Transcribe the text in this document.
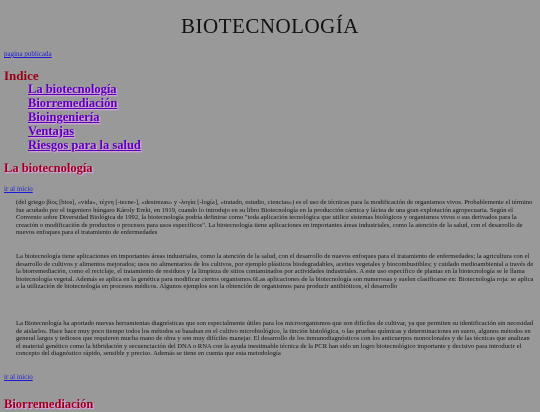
BIOTECNOLOGÍA
pagina publicada
Indice
La biotecnología
Biorremediación
Bioingeniería
Ventajas
Riesgos para la salud
La biotecnología
ir al inicio

(del griego βίος [bios], «vida», τέχνη [-tecne-], «destrezas» y -λογία [-logía], «tratado, estudio, ciencias») es el uso de técnicas para la modificación de organismos vivos. Probablemente el término fue acuñado por el ingeniero húngaro Károly Ereki, en 1919, cuando lo introdujo en su libro Biotecnología en la producción cárnica y láctea de una gran explotación agropecuaria. Según el Convenio sobre Diversidad Biológica de 1992, la biotecnología podría definirse como "toda aplicación tecnológica que utilice sistemas biológicos y organismos vivos o sus derivados para la creación o modificación de productos o procesos para usos específicos". La biotecnología tiene aplicaciones en importantes áreas industriales, como la atención de la salud, con el desarrollo de nuevos enfoques para el tratamiento de enfermedades

La biotecnología tiene aplicaciones en importantes áreas industriales, como la atención de la salud, con el desarrollo de nuevos enfoques para el tratamiento de enfermedades; la agricultura con el desarrollo de cultivos y alimentos mejorados; usos no alimentarios de los cultivos, por ejemplo plásticos biodegradables, aceites vegetales y biocombustibles; y cuidado medioambiental a través de la biorremediación, como el reciclaje, el tratamiento de residuos y la limpieza de sitios contaminados por actividades industriales. A este uso específico de plantas en la biotecnología se le llama biotecnología vegetal. Además se aplica en la genética para modificar ciertos organismos.6Las aplicaciones de la biotecnología son numerosas y suelen clasificarse en: Biotecnología roja: se aplica a la utilización de biotecnología en procesos médicos. Algunos ejemplos son la obtención de organismos para producir antibióticos, el desarrollo

La Biotecnología ha aportado nuevas herramientas diagnósticas que son especialmente útiles para los microorganismos que son difíciles de cultivar, ya que permiten su identificación sin necesidad de aislarlos. Hace hace muy poco tiempo todos los métodos se basaban en el cultivo microbiológico, la tinción histológica, o las pruebas químicas y determinaciones en suero, algunos métodos en general largos y tediosos que requieren mucha mano de obra y son muy difíciles manejar. El desarrollo de los inmunodiagnósticos con los anticuerpos monoclonales y de las técnicas que analizan el material genético como la hibridación y secuenciación del DNA o RNA con la ayuda inestimable técnica de la PCR han sido un logro biotecnológico importante y decisivo para introducir el concepto del diagnóstico rápido, sensible y preciso. Además se tiene en cuenta que esta metodología

ir al inicio
Biorremediación
